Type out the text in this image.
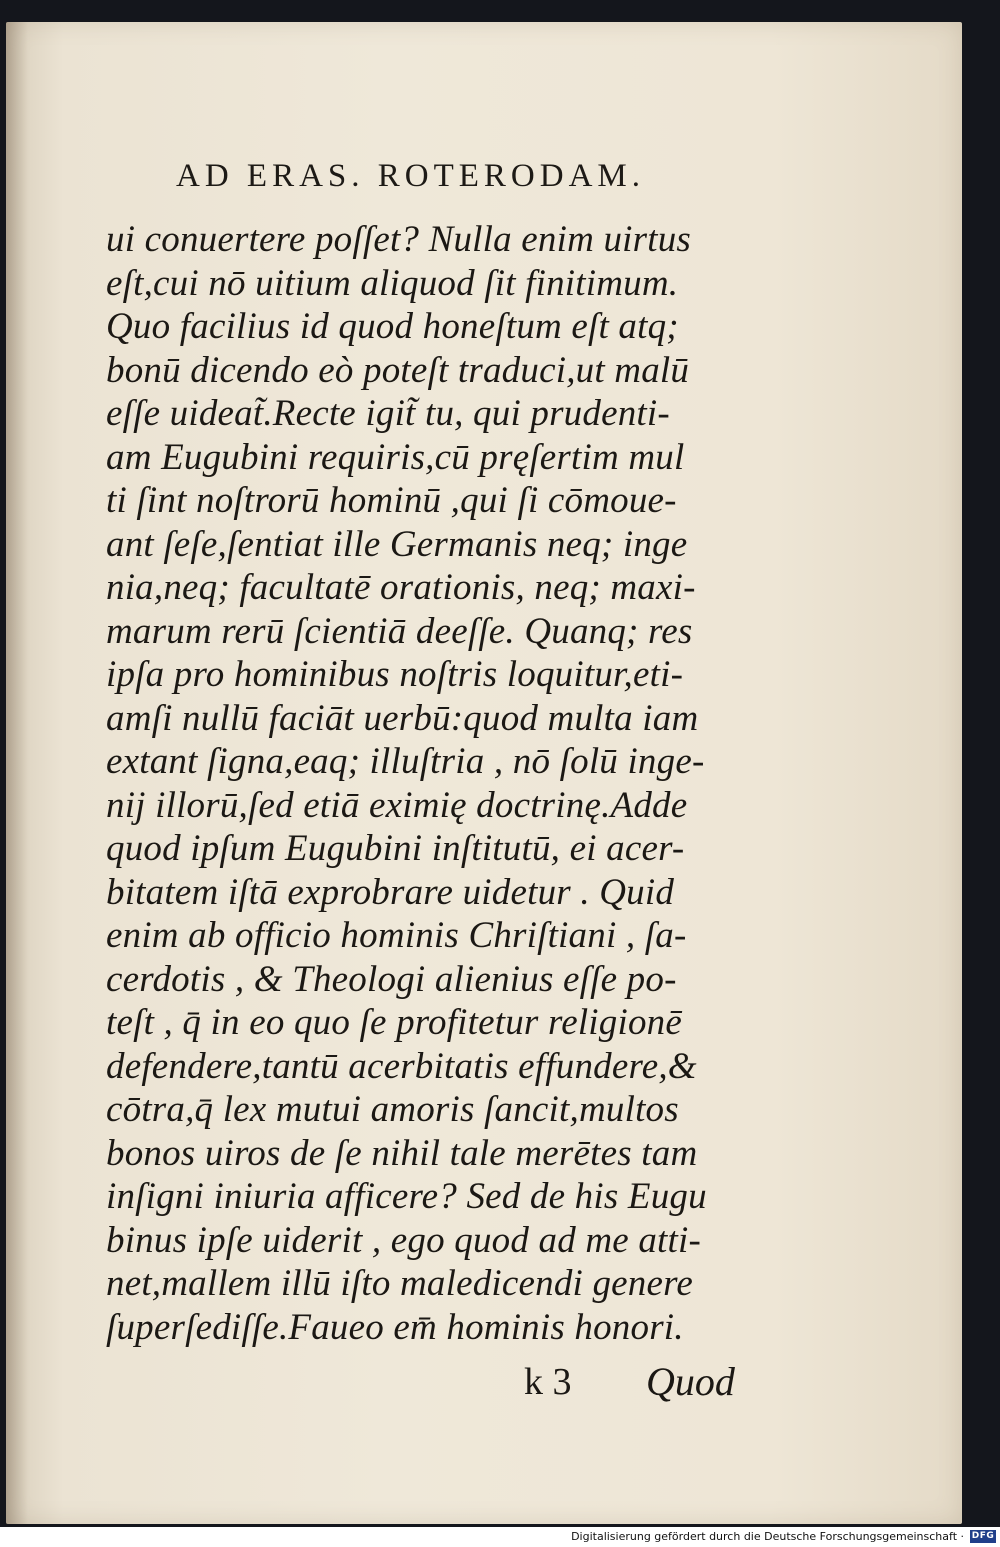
AD ERAS. ROTERODAM.
ui conuertere poſſet? Nulla enim uirtus
eſt,cui nō uitium aliquod ſit finitimum.
Quo facilius id quod honeſtum eſt atq;
bonū dicendo eò poteſt traduci,ut malū
eſſe uideat̃.Recte igit̃ tu, qui prudenti-
am Eugubini requiris,cū pręſertim mul
ti ſint noſtrorū hominū ,qui ſi cōmoue-
ant ſeſe,ſentiat ille Germanis neq; inge
nia,neq; facultatē orationis, neq; maxi-
marum rerū ſcientiā deeſſe. Quanq; res
ipſa pro hominibus noſtris loquitur,eti-
amſi nullū faciāt uerbū:quod multa iam
extant ſigna,eaq; illuſtria , nō ſolū inge-
nij illorū,ſed etiā eximię doctrinę.Adde
quod ipſum Eugubini inſtitutū, ei acer-
bitatem iſtā exprobrare uidetur . Quid
enim ab officio hominis Chriſtiani , ſa-
cerdotis , & Theologi alienius eſſe po-
teſt , q̄ in eo quo ſe profitetur religionē
defendere,tantū acerbitatis effundere,&
cōtra,q̄ lex mutui amoris ſancit,multos
bonos uiros de ſe nihil tale merētes tam
inſigni iniuria afficere? Sed de his Eugu
binus ipſe uiderit , ego quod ad me atti-
net,mallem illū iſto maledicendi genere
ſuperſediſſe.Faueo em̄ hominis honori.
k 3 Quod
Digitalisierung gefördert durch die Deutsche Forschungsgemeinschaft · DFG
